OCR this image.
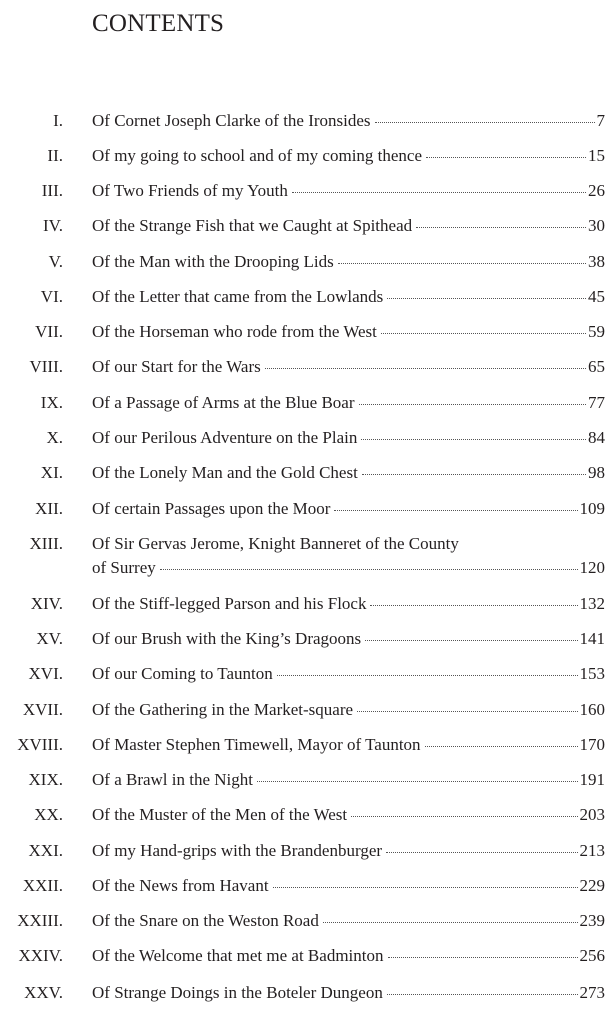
CONTENTS
I. Of Cornet Joseph Clarke of the Ironsides	7
II. Of my going to school and of my coming thence	15
III. Of Two Friends of my Youth	26
IV. Of the Strange Fish that we Caught at Spithead	30
V. Of the Man with the Drooping Lids	38
VI. Of the Letter that came from the Lowlands	45
VII. Of the Horseman who rode from the West	59
VIII. Of our Start for the Wars	65
IX. Of a Passage of Arms at the Blue Boar	77
X. Of our Perilous Adventure on the Plain	84
XI. Of the Lonely Man and the Gold Chest	98
XII. Of certain Passages upon the Moor	109
XIII. Of Sir Gervas Jerome, Knight Banneret of the County
of Surrey	120
XIV. Of the Stiff-legged Parson and his Flock	132
XV. Of our Brush with the King’s Dragoons	141
XVI. Of our Coming to Taunton	153
XVII. Of the Gathering in the Market-square	160
XVIII. Of Master Stephen Timewell, Mayor of Taunton	170
XIX. Of a Brawl in the Night	191
XX. Of the Muster of the Men of the West	203
XXI. Of my Hand-grips with the Brandenburger	213
XXII. Of the News from Havant	229
XXIII. Of the Snare on the Weston Road	239
XXIV. Of the Welcome that met me at Badminton	256
XXV. Of Strange Doings in the Boteler Dungeon	273
